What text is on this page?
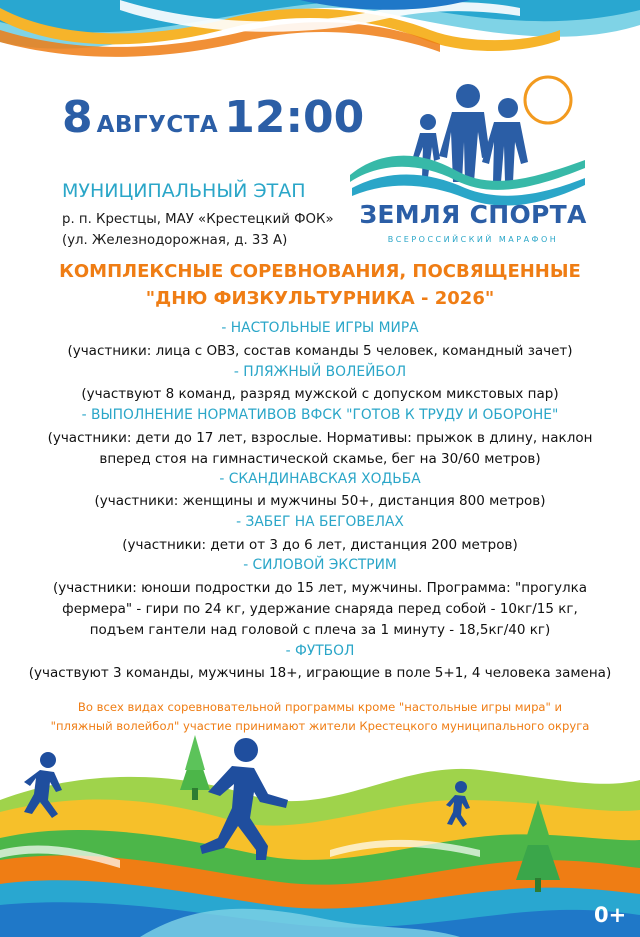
8 АВГУСТА 12:00
МУНИЦИПАЛЬНЫЙ ЭТАП
р. п. Крестцы, МАУ «Крестецкий ФОК»
(ул. Железнодорожная, д. 33 А)
ЗЕМЛЯ СПОРТА
ВСЕРОССИЙСКИЙ МАРАФОН
КОМПЛЕКСНЫЕ СОРЕВНОВАНИЯ, ПОСВЯЩЕННЫЕ
"ДНЮ ФИЗКУЛЬТУРНИКА - 2026"
- НАСТОЛЬНЫЕ ИГРЫ МИРА
(участники: лица с ОВЗ, состав команды 5 человек, командный зачет)
- ПЛЯЖНЫЙ ВОЛЕЙБОЛ
(участвуют 8 команд, разряд мужской с допуском микстовых пар)
- ВЫПОЛНЕНИЕ НОРМАТИВОВ ВФСК "ГОТОВ К ТРУДУ И ОБОРОНЕ"
(участники: дети до 17 лет, взрослые. Нормативы: прыжок в длину, наклон
вперед стоя на гимнастической скамье, бег на 30/60 метров)
- СКАНДИНАВСКАЯ ХОДЬБА
(участники: женщины и мужчины 50+, дистанция 800 метров)
- ЗАБЕГ НА БЕГОВЕЛАХ
(участники: дети от 3 до 6 лет, дистанция 200 метров)
- СИЛОВОЙ ЭКСТРИМ
(участники: юноши подростки до 15 лет, мужчины. Программа: "прогулка
фермера" - гири по 24 кг, удержание снаряда перед собой - 10кг/15 кг,
подъем гантели над головой с плеча за 1 минуту - 18,5кг/40 кг)
- ФУТБОЛ
(участвуют 3 команды, мужчины 18+, играющие в поле 5+1, 4 человека замена)
Во всех видах соревновательной программы кроме "настольные игры мира" и
"пляжный волейбол" участие принимают жители Крестецкого муниципального округа
0+
